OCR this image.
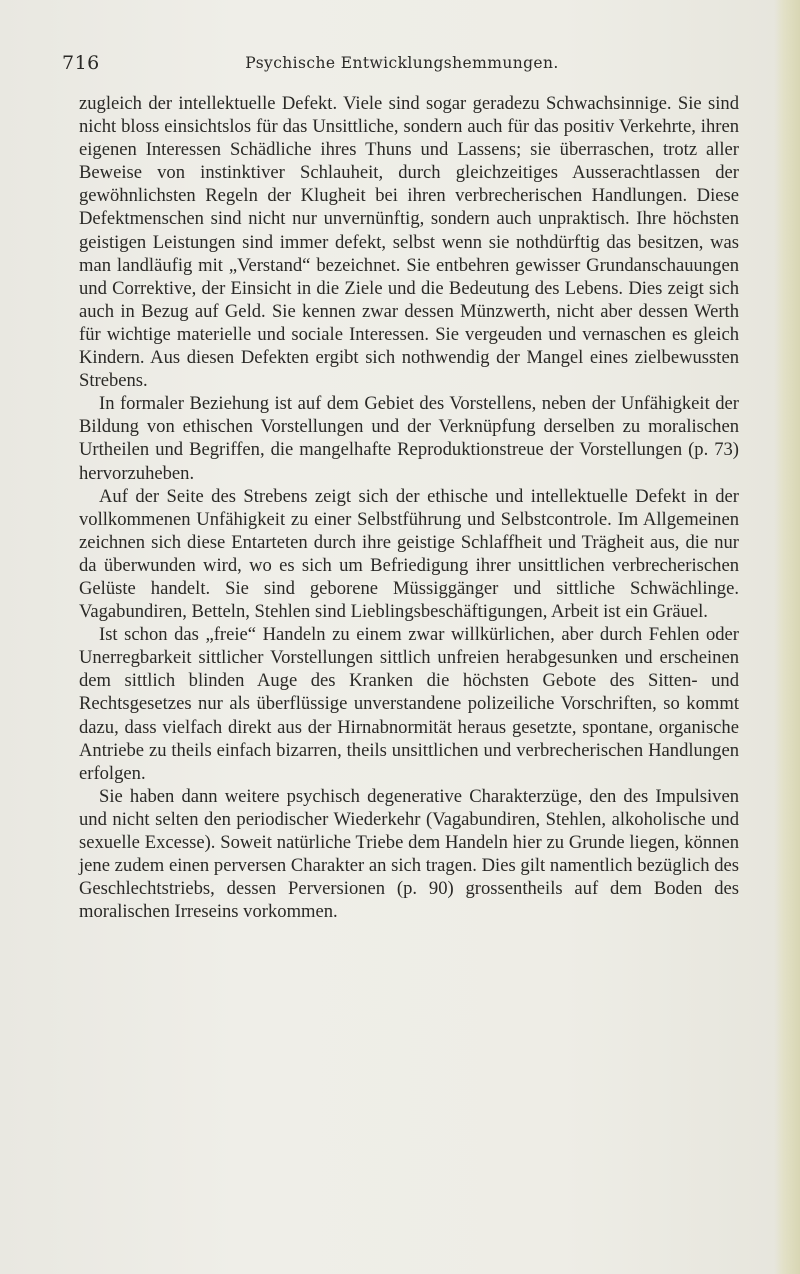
716	Psychische Entwicklungshemmungen.

zugleich der intellektuelle Defekt. Viele sind sogar geradezu Schwachsinnige. Sie sind nicht bloss einsichtslos für das Unsittliche, sondern auch für das positiv Verkehrte, ihren eigenen Interessen Schädliche ihres Thuns und Lassens; sie überraschen, trotz aller Beweise von instinktiver Schlauheit, durch gleichzeitiges Ausserachtlassen der gewöhnlichsten Regeln der Klugheit bei ihren verbrecherischen Handlungen. Diese Defektmenschen sind nicht nur unvernünftig, sondern auch unpraktisch. Ihre höchsten geistigen Leistungen sind immer defekt, selbst wenn sie nothdürftig das besitzen, was man landläufig mit „Verstand“ bezeichnet. Sie entbehren gewisser Grundanschauungen und Correktive, der Einsicht in die Ziele und die Bedeutung des Lebens. Dies zeigt sich auch in Bezug auf Geld. Sie kennen zwar dessen Münzwerth, nicht aber dessen Werth für wichtige materielle und sociale Interessen. Sie vergeuden und vernaschen es gleich Kindern. Aus diesen Defekten ergibt sich nothwendig der Mangel eines zielbewussten Strebens.

In formaler Beziehung ist auf dem Gebiet des Vorstellens, neben der Unfähigkeit der Bildung von ethischen Vorstellungen und der Verknüpfung derselben zu moralischen Urtheilen und Begriffen, die mangelhafte Reproduktionstreue der Vorstellungen (p. 73) hervorzuheben.

Auf der Seite des Strebens zeigt sich der ethische und intellektuelle Defekt in der vollkommenen Unfähigkeit zu einer Selbstführung und Selbstcontrole. Im Allgemeinen zeichnen sich diese Entarteten durch ihre geistige Schlaffheit und Trägheit aus, die nur da überwunden wird, wo es sich um Befriedigung ihrer unsittlichen verbrecherischen Gelüste handelt. Sie sind geborene Müssiggänger und sittliche Schwächlinge. Vagabundiren, Betteln, Stehlen sind Lieblingsbeschäftigungen, Arbeit ist ein Gräuel.

Ist schon das „freie“ Handeln zu einem zwar willkürlichen, aber durch Fehlen oder Unerregbarkeit sittlicher Vorstellungen sittlich unfreien herabgesunken und erscheinen dem sittlich blinden Auge des Kranken die höchsten Gebote des Sitten- und Rechtsgesetzes nur als überflüssige unverstandene polizeiliche Vorschriften, so kommt dazu, dass vielfach direkt aus der Hirnabnormität heraus gesetzte, spontane, organische Antriebe zu theils einfach bizarren, theils unsittlichen und verbrecherischen Handlungen erfolgen.

Sie haben dann weitere psychisch degenerative Charakterzüge, den des Impulsiven und nicht selten den periodischer Wiederkehr (Vagabundiren, Stehlen, alkoholische und sexuelle Excesse). Soweit natürliche Triebe dem Handeln hier zu Grunde liegen, können jene zudem einen perversen Charakter an sich tragen. Dies gilt namentlich bezüglich des Geschlechtstriebs, dessen Perversionen (p. 90) grossentheils auf dem Boden des moralischen Irreseins vorkommen.
